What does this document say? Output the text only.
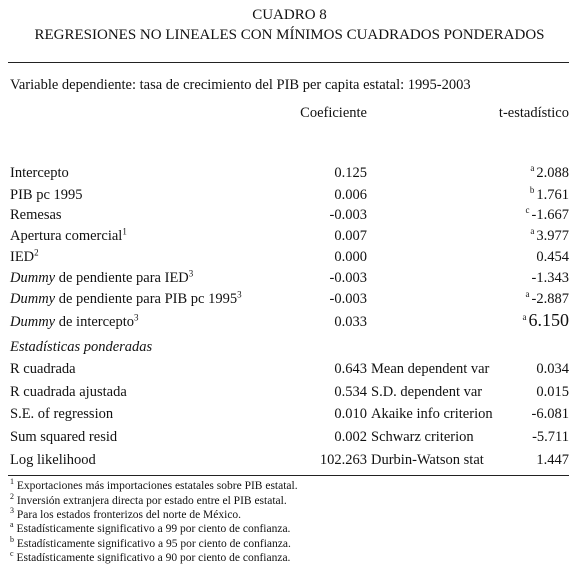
CUADRO 8
REGRESIONES NO LINEALES CON MÍNIMOS CUADRADOS PONDERADOS
Variable dependiente: tasa de crecimiento del PIB per capita estatal: 1995-2003
Coeficiente	t-estadístico
Intercepto	0.125	$^a$ 2.088
PIB pc 1995	0.006	$^b$ 1.761
Remesas	-0.003	$^c$ -1.667
Apertura comercial$^1$	0.007	$^a$ 3.977
IED$^2$	0.000	0.454
Dummy de pendiente para IED$^3$	-0.003	-1.343
Dummy de pendiente para PIB pc 1995$^3$	-0.003	$^a$ -2.887
Dummy de intercepto$^3$	0.033	$^a$ 6.150
Estadísticas ponderadas
R cuadrada	0.643 Mean dependent var	0.034
R cuadrada ajustada	0.534 S.D. dependent var	0.015
S.E. of regression	0.010 Akaike info criterion	-6.081
Sum squared resid	0.002 Schwarz criterion	-5.711
Log likelihood	102.263 Durbin-Watson stat	1.447
$^1$ Exportaciones más importaciones estatales sobre PIB estatal.
$^2$ Inversión extranjera directa por estado entre el PIB estatal.
$^3$ Para los estados fronterizos del norte de México.
$^a$ Estadísticamente significativo a 99 por ciento de confianza.
$^b$ Estadísticamente significativo a 95 por ciento de confianza.
$^c$ Estadísticamente significativo a 90 por ciento de confianza.
